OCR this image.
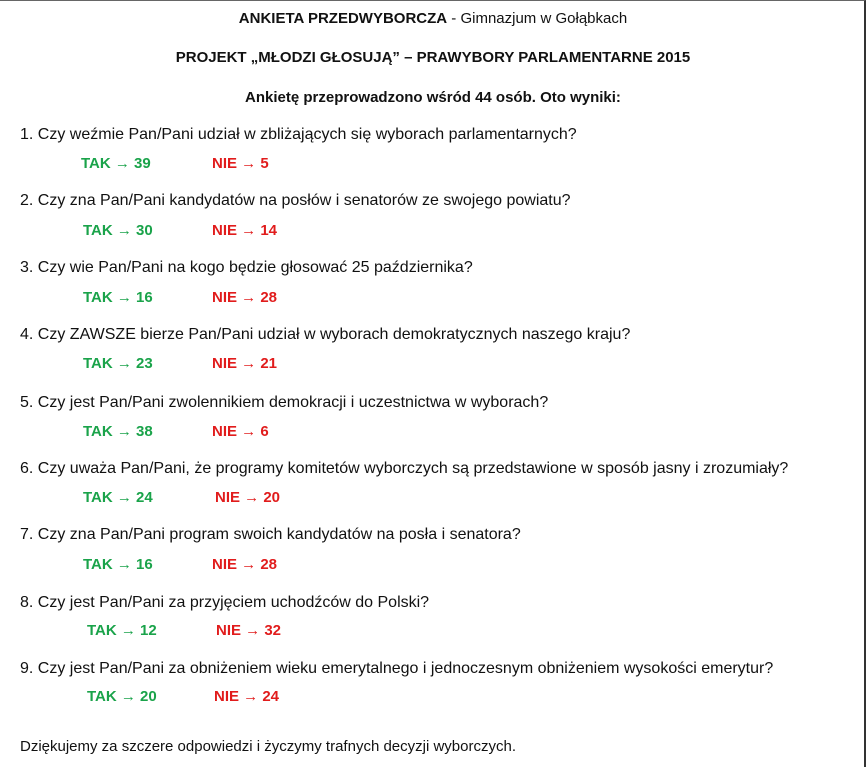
ANKIETA PRZEDWYBORCZA - Gimnazjum w Gołąbkach
PROJEKT „MŁODZI GŁOSUJĄ” – PRAWYBORY PARLAMENTARNE 2015
Ankietę przeprowadzono wśród 44 osób. Oto wyniki:
1. Czy weźmie Pan/Pani udział w zbliżających się wyborach parlamentarnych?
TAK → 39	NIE → 5
2. Czy zna Pan/Pani kandydatów na posłów i senatorów ze swojego powiatu?
TAK → 30	NIE → 14
3. Czy wie Pan/Pani na kogo będzie głosować 25 października?
TAK → 16	NIE → 28
4. Czy ZAWSZE bierze Pan/Pani udział w wyborach demokratycznych naszego kraju?
TAK → 23	NIE → 21
5. Czy jest Pan/Pani zwolennikiem demokracji i uczestnictwa w wyborach?
TAK → 38	NIE → 6
6. Czy uważa Pan/Pani, że programy komitetów wyborczych są przedstawione w sposób jasny i zrozumiały?
TAK → 24	NIE → 20
7. Czy zna Pan/Pani program swoich kandydatów na posła i senatora?
TAK → 16	NIE → 28
8. Czy jest Pan/Pani za przyjęciem uchodźców do Polski?
TAK → 12	NIE → 32
9. Czy jest Pan/Pani za obniżeniem wieku emerytalnego i jednoczesnym obniżeniem wysokości emerytur?
TAK → 20	NIE → 24
Dziękujemy za szczere odpowiedzi i życzymy trafnych decyzji wyborczych.
